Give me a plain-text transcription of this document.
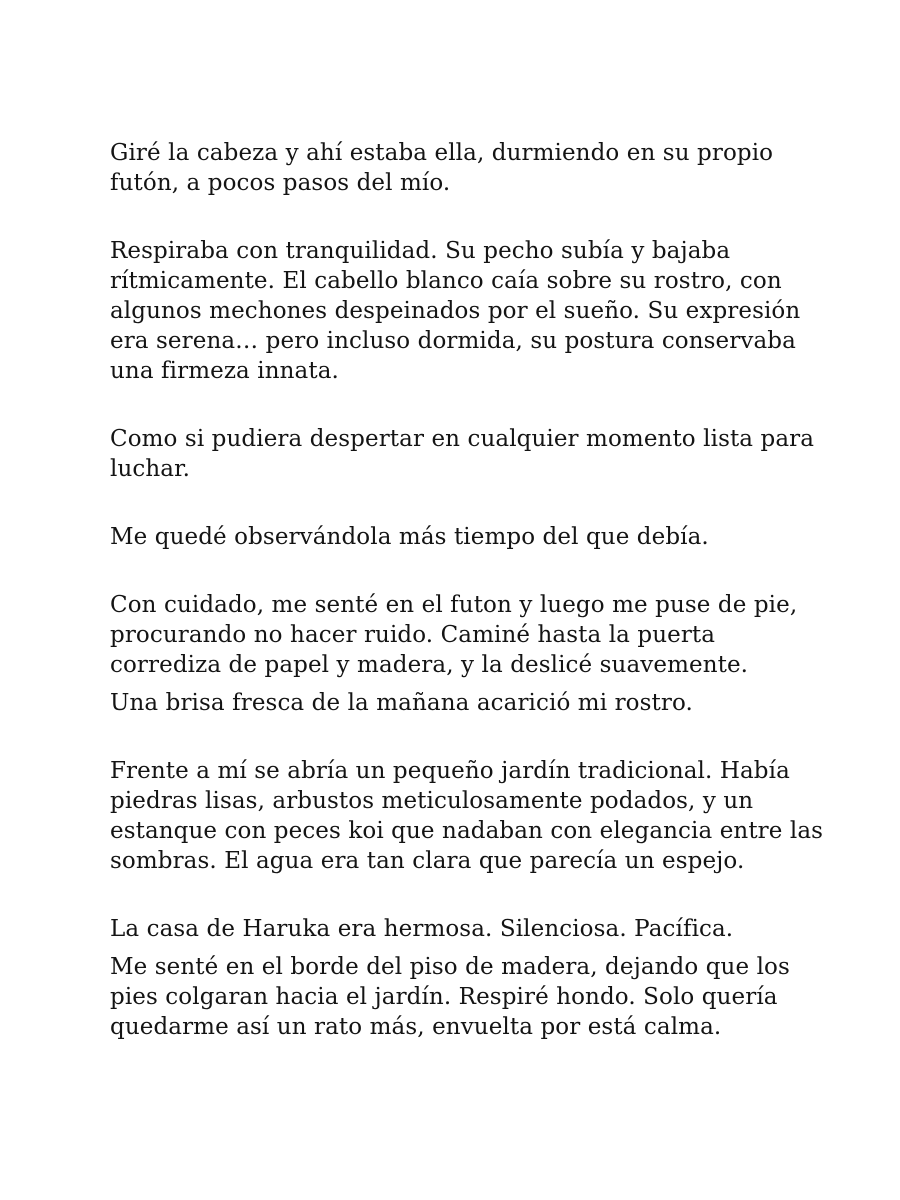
Giré la cabeza y ahí estaba ella, durmiendo en su propio
futón, a pocos pasos del mío.

Respiraba con tranquilidad. Su pecho subía y bajaba
rítmicamente. El cabello blanco caía sobre su rostro, con
algunos mechones despeinados por el sueño. Su expresión
era serena… pero incluso dormida, su postura conservaba
una firmeza innata.

Como si pudiera despertar en cualquier momento lista para
luchar.

Me quedé observándola más tiempo del que debía.

Con cuidado, me senté en el futon y luego me puse de pie,
procurando no hacer ruido. Caminé hasta la puerta
corrediza de papel y madera, y la deslicé suavemente.

Una brisa fresca de la mañana acarició mi rostro.

Frente a mí se abría un pequeño jardín tradicional. Había
piedras lisas, arbustos meticulosamente podados, y un
estanque con peces koi que nadaban con elegancia entre las
sombras. El agua era tan clara que parecía un espejo.

La casa de Haruka era hermosa. Silenciosa. Pacífica.

Me senté en el borde del piso de madera, dejando que los
pies colgaran hacia el jardín. Respiré hondo. Solo quería
quedarme así un rato más, envuelta por está calma.
